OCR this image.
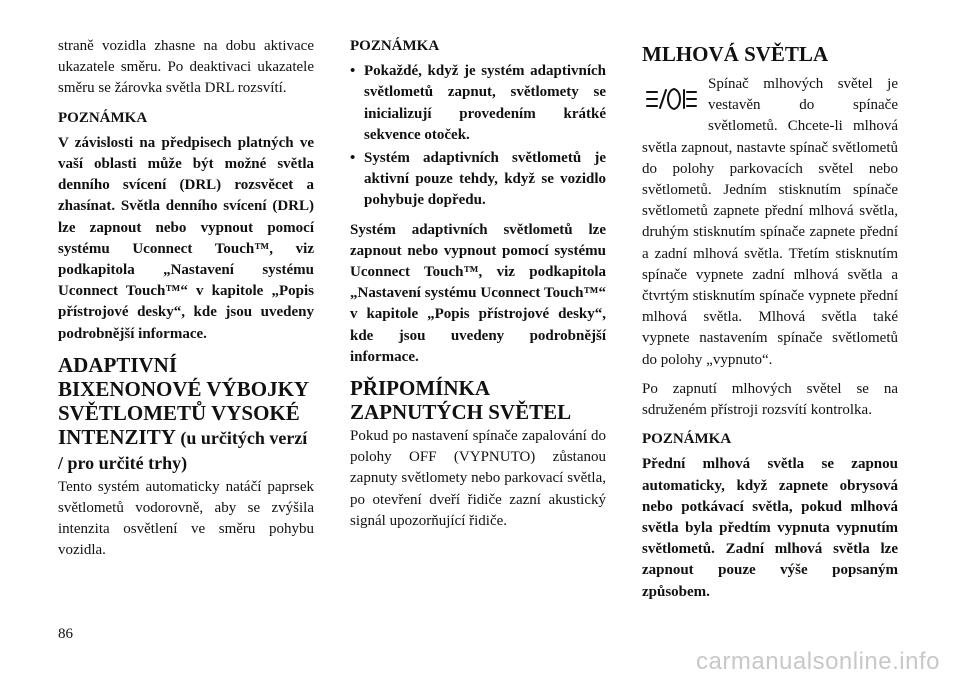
straně vozidla zhasne na dobu aktivace ukazatele směru. Po deaktivaci ukazatele směru se žárovka světla DRL rozsvítí.

POZNÁMKA

V závislosti na předpisech platných ve vaší oblasti může být možné světla denního svícení (DRL) rozsvěcet a zhasínat. Světla denního svícení (DRL) lze zapnout nebo vypnout pomocí systému Uconnect Touch™, viz podkapitola „Nastavení systému Uconnect Touch™“ v kapitole „Popis přístrojové desky“, kde jsou uvedeny podrobnější informace.

ADAPTIVNÍ BIXENONOVÉ VÝBOJKY SVĚTLOMETŮ VYSOKÉ INTENZITY (u určitých verzí / pro určité trhy)

Tento systém automaticky natáčí paprsek světlometů vodorovně, aby se zvýšila intenzita osvětlení ve směru pohybu vozidla.

POZNÁMKA

• Pokaždé, když je systém adaptivních světlometů zapnut, světlomety se inicializují provedením krátké sekvence otoček.
• Systém adaptivních světlometů je aktivní pouze tehdy, když se vozidlo pohybuje dopředu.

Systém adaptivních světlometů lze zapnout nebo vypnout pomocí systému Uconnect Touch™, viz podkapitola „Nastavení systému Uconnect Touch™“ v kapitole „Popis přístrojové desky“, kde jsou uvedeny podrobnější informace.

PŘIPOMÍNKA ZAPNUTÝCH SVĚTEL

Pokud po nastavení spínače zapalování do polohy OFF (VYPNUTO) zůstanou zapnuty světlomety nebo parkovací světla, po otevření dveří řidiče zazní akustický signál upozorňující řidiče.

MLHOVÁ SVĚTLA

Spínač mlhových světel je vestavěn do spínače světlometů. Chcete-li mlhová světla zapnout, nastavte spínač světlometů do polohy parkovacích světel nebo světlometů. Jedním stisknutím spínače světlometů zapnete přední mlhová světla, druhým stisknutím spínače zapnete přední a zadní mlhová světla. Třetím stisknutím spínače vypnete zadní mlhová světla a čtvrtým stisknutím spínače vypnete přední mlhová světla. Mlhová světla také vypnete nastavením spínače světlometů do polohy „vypnuto“.

Po zapnutí mlhových světel se na sdruženém přístroji rozsvítí kontrolka.

POZNÁMKA

Přední mlhová světla se zapnou automaticky, když zapnete obrysová nebo potkávací světla, pokud mlhová světla byla předtím vypnuta vypnutím světlometů. Zadní mlhová světla lze zapnout pouze výše popsaným způsobem.

86
carmanualsonline.info
